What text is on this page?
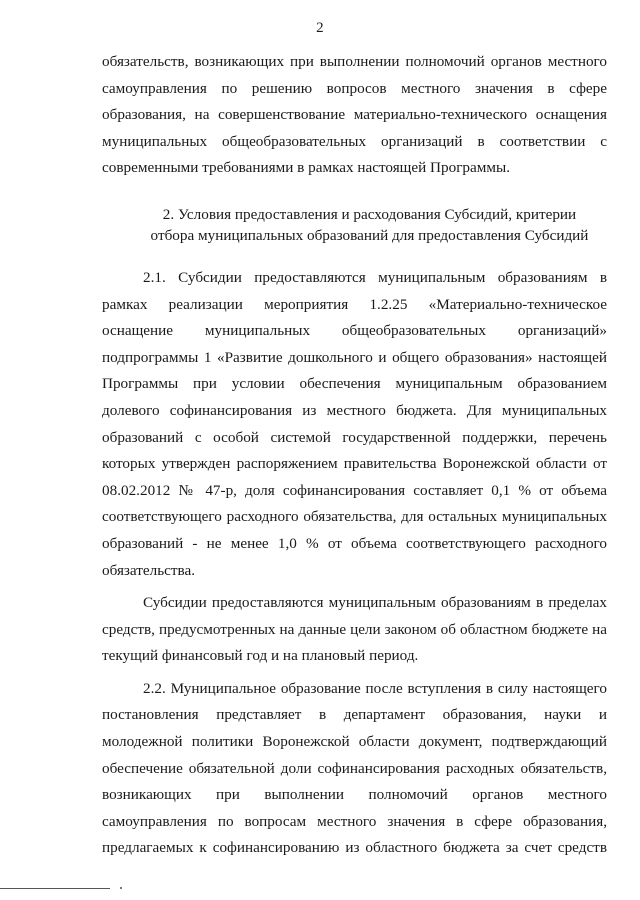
2

обязательств, возникающих при выполнении полномочий органов местного

самоуправления по решению вопросов местного значения в сфере

образования, на совершенствование материально-технического оснащения

муниципальных общеобразовательных организаций в соответствии с

современными требованиями в рамках настоящей Программы.

2. Условия предоставления и расходования Субсидий, критерии
отбора муниципальных образований для предоставления Субсидий

2.1. Субсидии предоставляются муниципальным образованиям в

рамках реализации мероприятия 1.2.25 «Материально-техническое

оснащение муниципальных общеобразовательных организаций»

подпрограммы 1 «Развитие дошкольного и общего образования» настоящей

Программы при условии обеспечения муниципальным образованием

долевого софинансирования из местного бюджета. Для муниципальных

образований с особой системой государственной поддержки, перечень

которых утвержден распоряжением правительства Воронежской области от

08.02.2012 № 47-р, доля софинансирования составляет 0,1 % от объема

соответствующего расходного обязательства, для остальных муниципальных

образований - не менее 1,0 % от объема соответствующего расходного

обязательства.

Субсидии предоставляются муниципальным образованиям в пределах

средств, предусмотренных на данные цели законом об областном бюджете на

текущий финансовый год и на плановый период.

2.2. Муниципальное образование после вступления в силу настоящего

постановления представляет в департамент образования, науки и

молодежной политики Воронежской области документ, подтверждающий

обеспечение обязательной доли софинансирования расходных обязательств,

возникающих при выполнении полномочий органов местного

самоуправления по вопросам местного значения в сфере образования,

предлагаемых к софинансированию из областного бюджета за счет средств
